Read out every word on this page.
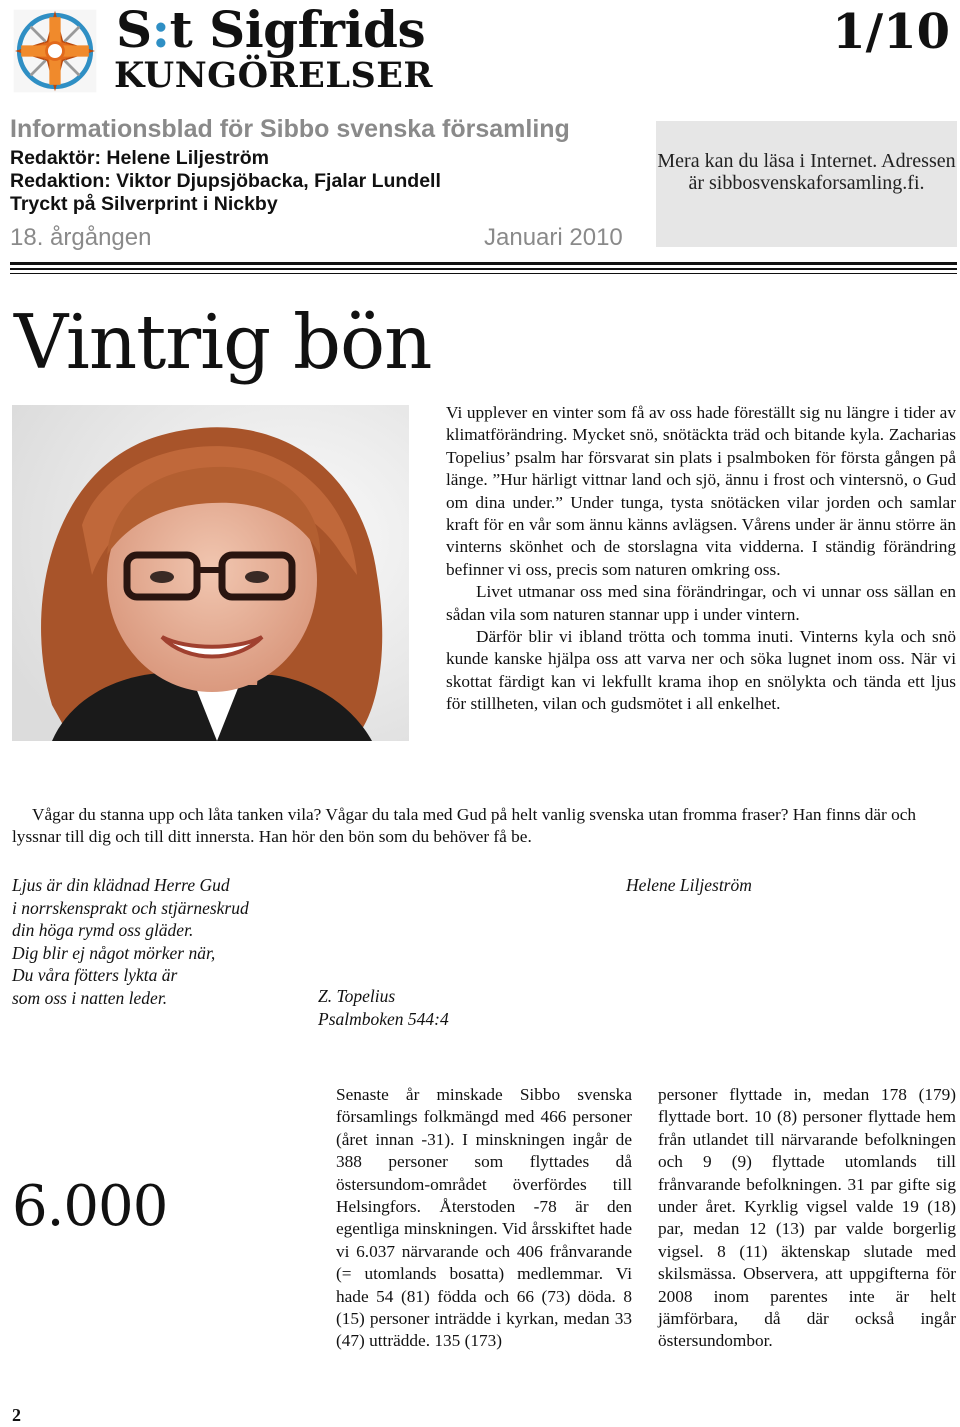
S:t Sigfrids
KUNGÖRELSER
1/10
Informationsblad för Sibbo svenska församling
Redaktör: Helene Liljeström
Redaktion: Viktor Djupsjöbacka, Fjalar Lundell
Tryckt på Silverprint i Nickby
18. årgången	Januari 2010
Mera kan du läsa i Internet. Adressen är sibbosvenskaforsamling.fi.
Vintrig bön

Vi upplever en vinter som få av oss hade föreställt sig nu längre i tider av klimatförändring. Mycket snö, snötäckta träd och bitande kyla. Zacharias Topelius’ psalm har försvarat sin plats i psalmboken för första gången på länge. ”Hur härligt vittnar land och sjö, ännu i frost och vintersnö, o Gud om dina under.” Under tunga, tysta snötäcken vilar jorden och samlar kraft för en vår som ännu känns avlägsen. Vårens under är ännu större än vinterns skönhet och de storslagna vita vidderna. I ständig förändring befinner vi oss, precis som naturen omkring oss.

Livet utmanar oss med sina förändringar, och vi unnar oss sällan en sådan vila som naturen stannar upp i under vintern.

Därför blir vi ibland trötta och tomma inuti. Vinterns kyla och snö kunde kanske hjälpa oss att varva ner och söka lugnet inom oss. När vi skottat färdigt kan vi lekfullt krama ihop en snölykta och tända ett ljus för stillheten, vilan och gudsmötet i all enkelhet.

Vågar du stanna upp och låta tanken vila? Vågar du tala med Gud på helt vanlig svenska utan fromma fraser? Han finns där och lyssnar till dig och till ditt innersta. Han hör den bön som du behöver få be.

Ljus är din klädnad Herre Gud
i norrskensprakt och stjärneskrud
din höga rymd oss gläder.
Dig blir ej något mörker när,
Du våra fötters lykta är
som oss i natten leder.	Z. Topelius
Psalmboken 544:4
Helene Liljeström
6.000
Senaste år minskade Sibbo svenska församlings folkmängd med 466 personer (året innan -31). I minskningen ingår de 388 personer som flyttades då östersundom-området överfördes till Helsingfors. Återstoden -78 är den egentliga minskningen. Vid årsskiftet hade vi 6.037 närvarande och 406 frånvarande (= utomlands bosatta) medlemmar. Vi hade 54 (81) födda och 66 (73) döda. 8 (15) personer inträdde i kyrkan, medan 33 (47) utträdde. 135 (173)
personer flyttade in, medan 178 (179) flyttade bort. 10 (8) personer flyttade hem från utlandet till närvarande befolkningen och 9 (9) flyttade utomlands till frånvarande befolkningen. 31 par gifte sig under året. Kyrklig vigsel valde 19 (18) par, medan 12 (13) par valde borgerlig vigsel. 8 (11) äktenskap slutade med skilsmässa. Observera, att uppgifterna för 2008 inom parentes inte är helt jämförbara, då där också ingår östersundombor.
2
